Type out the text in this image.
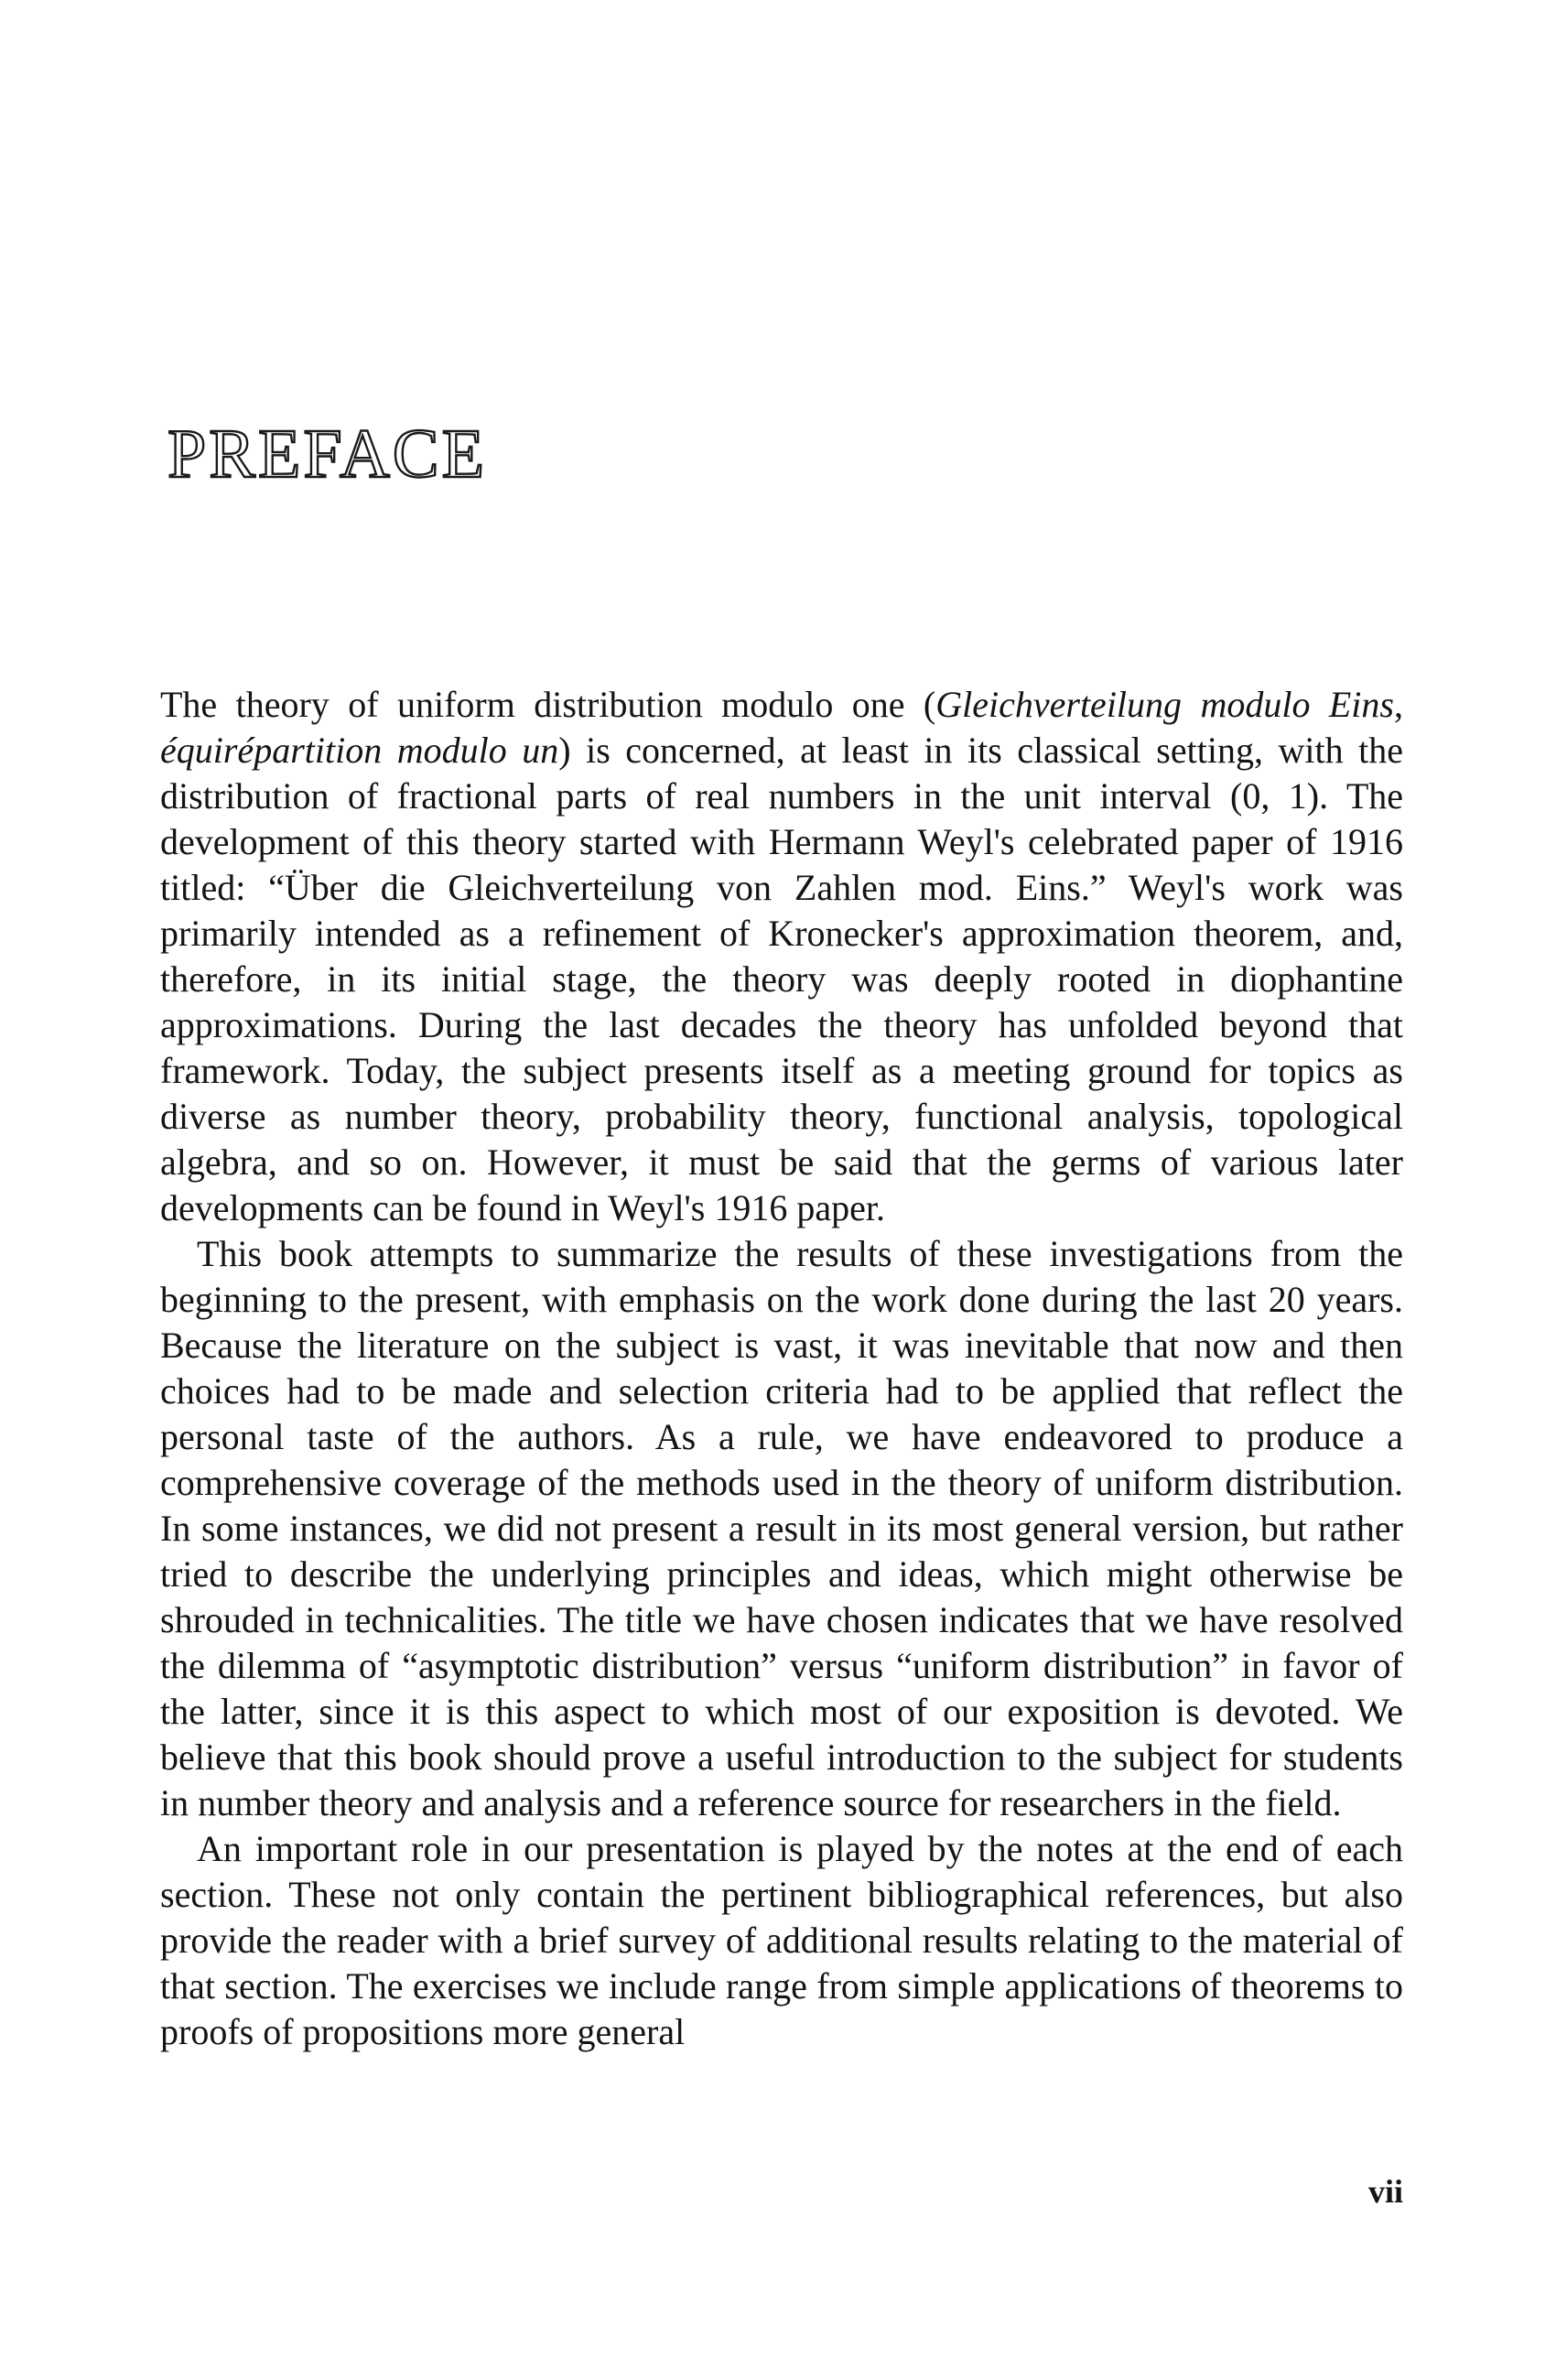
PREFACE

The theory of uniform distribution modulo one (Gleichverteilung modulo Eins, équirépartition modulo un) is concerned, at least in its classical setting, with the distribution of fractional parts of real numbers in the unit interval (0, 1). The development of this theory started with Hermann Weyl's celebrated paper of 1916 titled: “Über die Gleichverteilung von Zahlen mod. Eins.” Weyl's work was primarily intended as a refinement of Kronecker's approximation theorem, and, therefore, in its initial stage, the theory was deeply rooted in diophantine approximations. During the last decades the theory has unfolded beyond that framework. Today, the subject presents itself as a meeting ground for topics as diverse as number theory, probability theory, functional analysis, topological algebra, and so on. However, it must be said that the germs of various later developments can be found in Weyl's 1916 paper.

This book attempts to summarize the results of these investigations from the beginning to the present, with emphasis on the work done during the last 20 years. Because the literature on the subject is vast, it was inevitable that now and then choices had to be made and selection criteria had to be applied that reflect the personal taste of the authors. As a rule, we have endeavored to produce a comprehensive coverage of the methods used in the theory of uniform distribution. In some instances, we did not present a result in its most general version, but rather tried to describe the underlying principles and ideas, which might otherwise be shrouded in technicalities. The title we have chosen indicates that we have resolved the dilemma of “asymptotic distribution” versus “uniform distribution” in favor of the latter, since it is this aspect to which most of our exposition is devoted. We believe that this book should prove a useful introduction to the subject for students in number theory and analysis and a reference source for researchers in the field.

An important role in our presentation is played by the notes at the end of each section. These not only contain the pertinent bibliographical references, but also provide the reader with a brief survey of additional results relating to the material of that section. The exercises we include range from simple applications of theorems to proofs of propositions more general

vii
